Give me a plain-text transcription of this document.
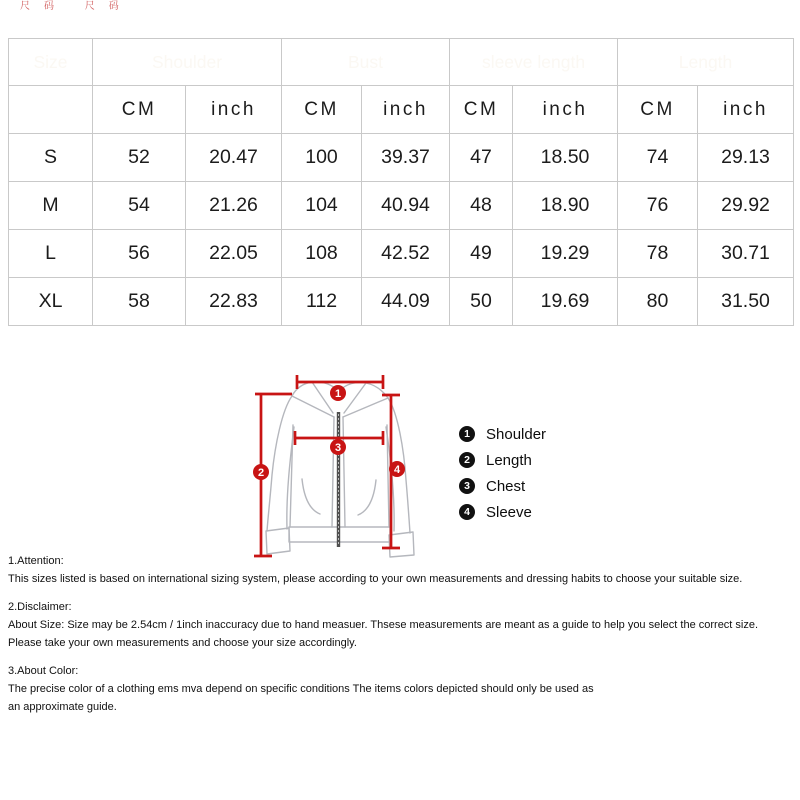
尺码 尺码
Size	Shoulder		Bust		sleeve length		Length	
	CM	inch	CM	inch	CM	inch	CM	inch
S	52	20.47	100	39.37	47	18.50	74	29.13
M	54	21.26	104	40.94	48	18.90	76	29.92
L	56	22.05	108	42.52	49	19.29	78	30.71
XL	58	22.83	112	44.09	50	19.69	80	31.50
1
2
3
4
1	Shoulder
2	Length
3	Chest
4	Sleeve
1.Attention:
This sizes listed is based on international sizing system, please according to your own measurements and dressing habits to choose your suitable size.
2.Disclaimer:
About Size: Size may be 2.54cm / 1inch inaccuracy due to hand measuer. Thsese measurements are meant as a guide to help you select the correct size.
Please take your own measurements and choose your size accordingly.
3.About Color:
The precise color of a clothing ems mva depend on specific conditions The items colors depicted should only be used as
an approximate guide.
